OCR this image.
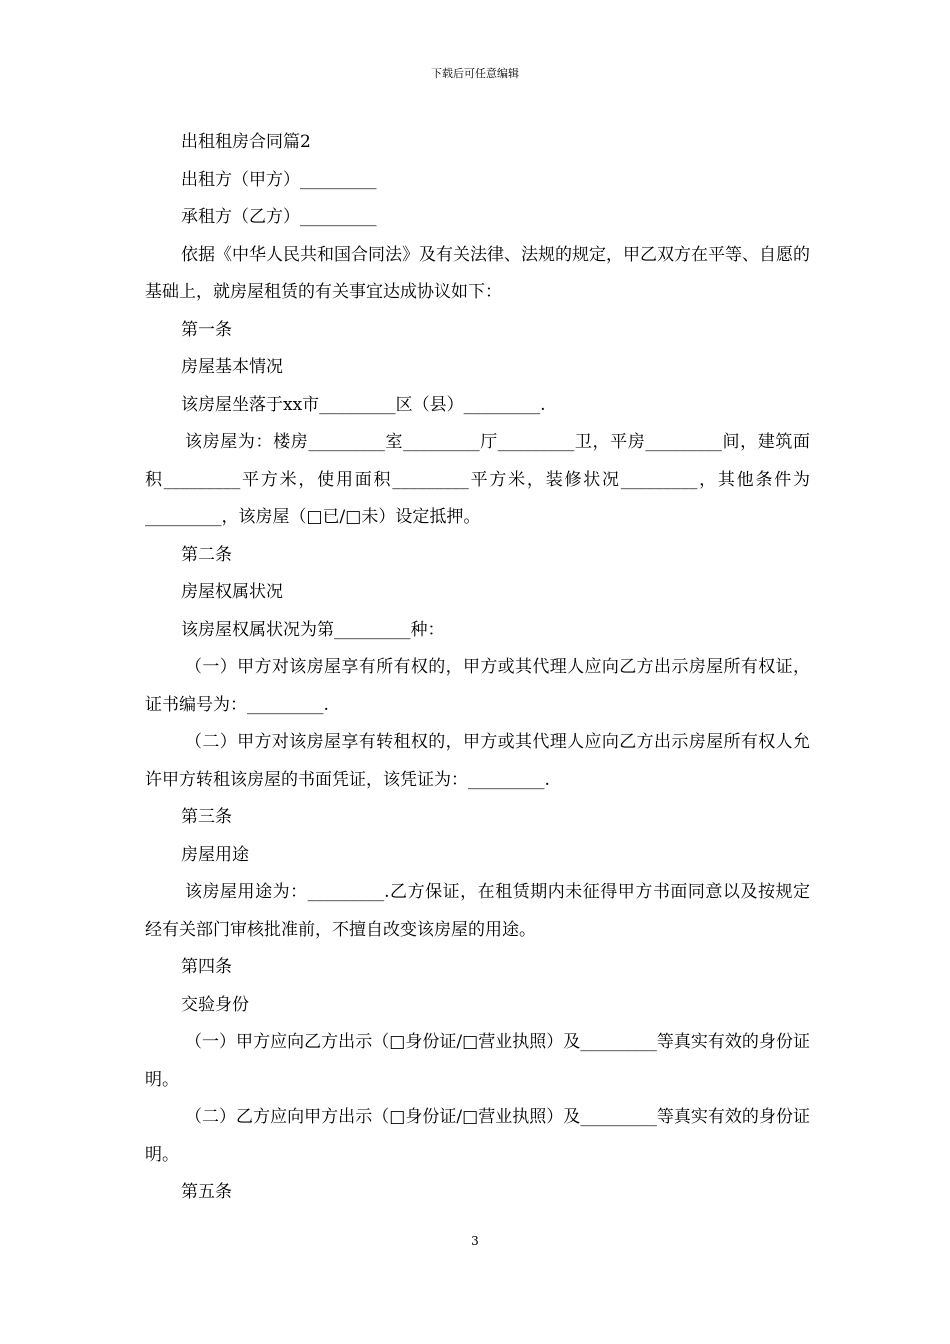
下载后可任意编辑

出租租房合同篇2

出租方（甲方）_________

承租方（乙方）_________

依据《中华人民共和国合同法》及有关法律、法规的规定，甲乙双方在平等、自愿的基础上，就房屋租赁的有关事宜达成协议如下：

第一条

房屋基本情况

该房屋坐落于xx市_________区（县）_________.

该房屋为：楼房_________室_________厅_________卫，平房_________间，建筑面积_________平方米，使用面积_________平方米，装修状况_________，其他条件为_________，该房屋（□已/□未）设定抵押。

第二条

房屋权属状况

该房屋权属状况为第_________种：

（一）甲方对该房屋享有所有权的，甲方或其代理人应向乙方出示房屋所有权证，证书编号为：_________.

（二）甲方对该房屋享有转租权的，甲方或其代理人应向乙方出示房屋所有权人允许甲方转租该房屋的书面凭证，该凭证为：_________.

第三条

房屋用途

该房屋用途为：_________.乙方保证，在租赁期内未征得甲方书面同意以及按规定经有关部门审核批准前，不擅自改变该房屋的用途。

第四条

交验身份

（一）甲方应向乙方出示（□身份证/□营业执照）及_________等真实有效的身份证明。

（二）乙方应向甲方出示（□身份证/□营业执照）及_________等真实有效的身份证明。

第五条

3
